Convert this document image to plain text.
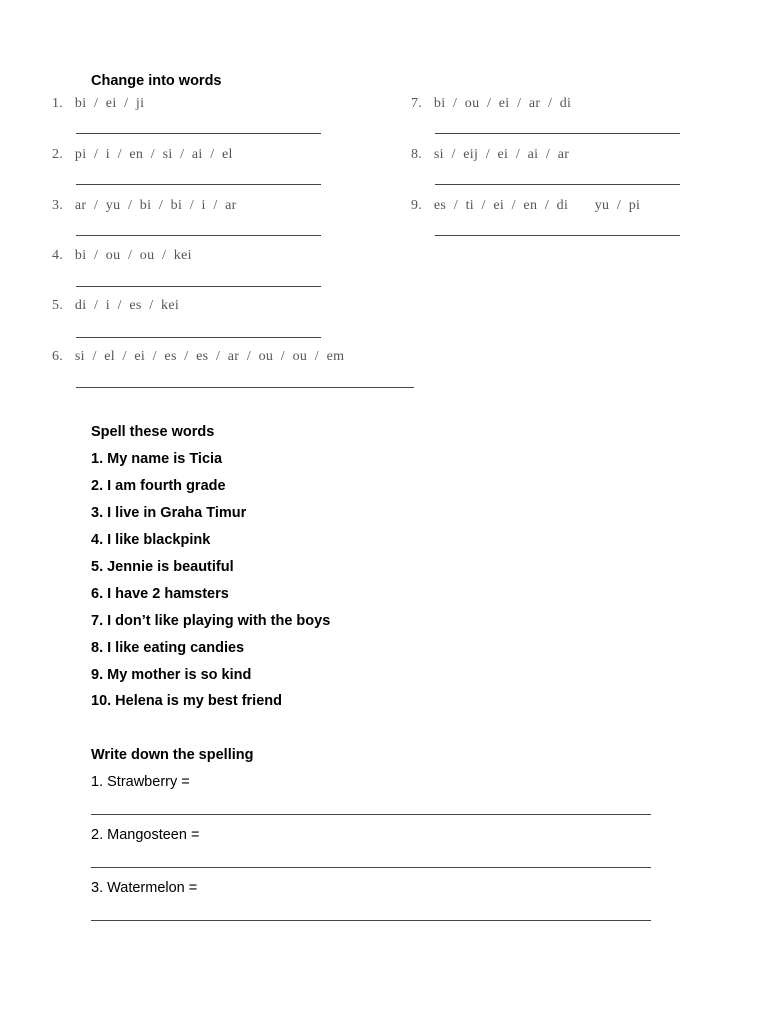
Change into words
1. bi  /  ei  /  ji
2. pi  /  i  /  en  /  si  /  ai  /  el
3. ar  /  yu  /  bi  /  bi  /  i  /  ar
4. bi  /  ou  /  ou  /  kei
5. di  /  i  /  es  /  kei
6. si  /  el  /  ei  /  es  /  es  /  ar  /  ou  /  ou  /  em
7. bi  /  ou  /  ei  /  ar  /  di
8. si  /  eij  /  ei  /  ai  /  ar
9. es  /  ti  /  ei  /  en  /  di       yu  /  pi
Spell these words
1. My name is Ticia
2. I am fourth grade
3. I live in Graha Timur
4. I like blackpink
5. Jennie is beautiful
6. I have 2 hamsters
7. I don’t like playing with the boys
8. I like eating candies
9. My mother is so kind
10. Helena is my best friend
Write down the spelling
1. Strawberry =
2. Mangosteen =
3. Watermelon =
